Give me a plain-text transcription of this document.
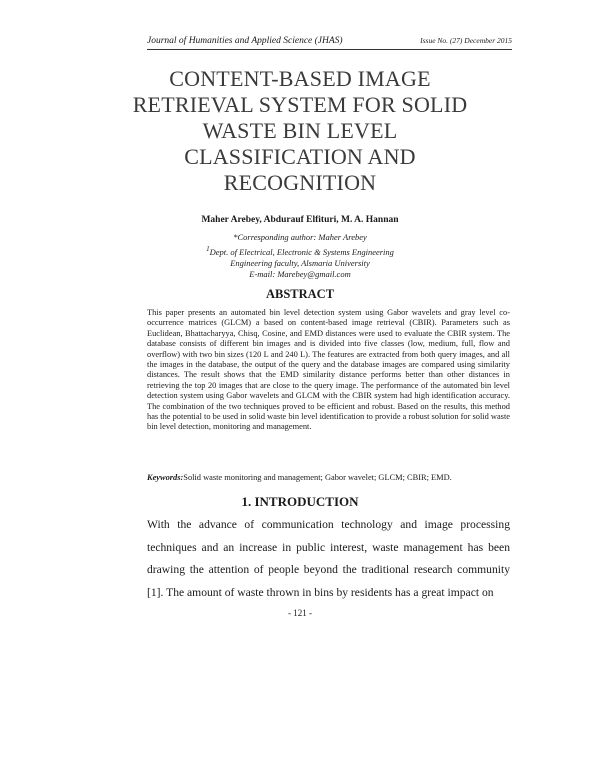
Journal of Humanities and Applied Science (JHAS)	Issue No. (27) December 2015
CONTENT-BASED IMAGE RETRIEVAL SYSTEM FOR SOLID WASTE BIN LEVEL CLASSIFICATION AND RECOGNITION
Maher Arebey, Abdurauf Elfituri, M. A. Hannan
*Corresponding author: Maher Arebey
$^1$Dept. of Electrical, Electronic & Systems Engineering
Engineering faculty, Alsmaria University
E-mail: Marebey@gmail.com
ABSTRACT

This paper presents an automated bin level detection system using Gabor wavelets and gray level co-occurrence matrices (GLCM) a based on content-based image retrieval (CBIR). Parameters such as Euclidean, Bhattacharyya, Chisq, Cosine, and EMD distances were used to evaluate the CBIR system. The database consists of different bin images and is divided into five classes (low, medium, full, flow and overflow) with two bin sizes (120 L and 240 L). The features are extracted from both query images, and all the images in the database, the output of the query and the database images are compared using similarity distances. The result shows that the EMD similarity distance performs better than other distances in retrieving the top 20 images that are close to the query image. The performance of the automated bin level detection system using Gabor wavelets and GLCM with the CBIR system had high identification accuracy. The combination of the two techniques proved to be efficient and robust. Based on the results, this method has the potential to be used in solid waste bin level identification to provide a robust solution for solid waste bin level detection, monitoring and management.

Keywords:Solid waste monitoring and management; Gabor wavelet; GLCM; CBIR; EMD.
1. INTRODUCTION

With the advance of communication technology and image processing techniques and an increase in public interest, waste management has been drawing the attention of people beyond the traditional research community [1]. The amount of waste thrown in bins by residents has a great impact on

- 121 -
